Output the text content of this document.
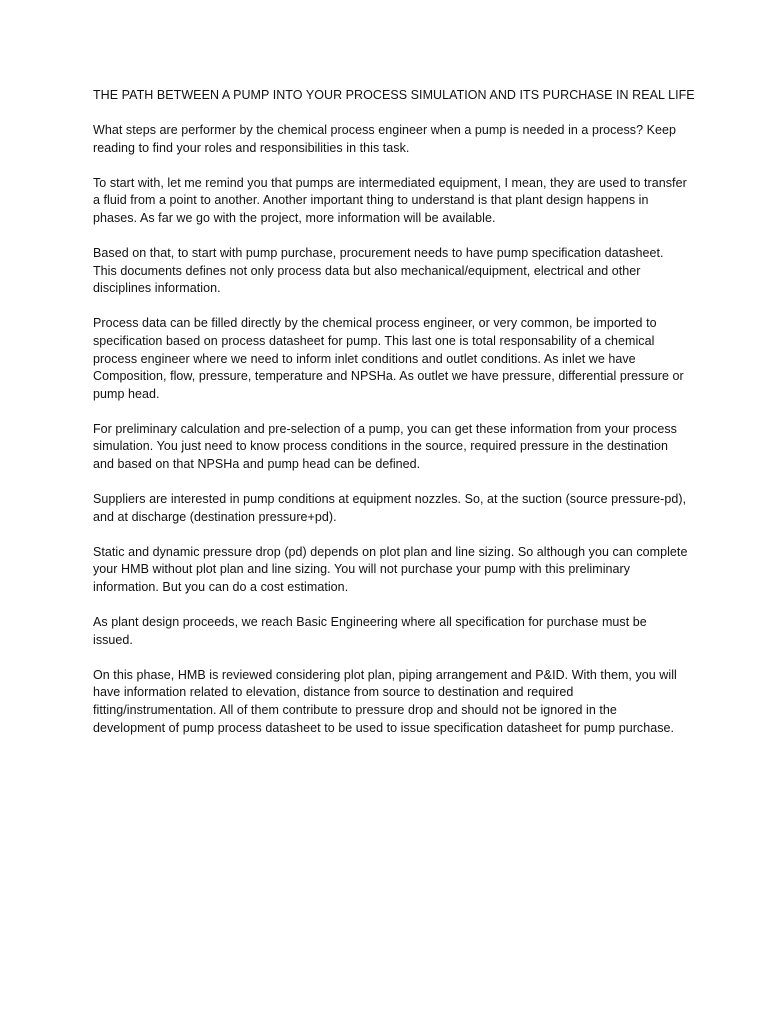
THE PATH BETWEEN A PUMP INTO YOUR PROCESS SIMULATION AND ITS PURCHASE IN REAL LIFE

What steps are performer by the chemical process engineer when a pump is needed in a process? Keep reading to find your roles and responsibilities in this task.

To start with, let me remind you that pumps are intermediated equipment, I mean, they are used to transfer a fluid from a point to another. Another important thing to understand is that plant design happens in phases. As far we go with the project, more information will be available.

Based on that, to start with pump purchase, procurement needs to have pump specification datasheet. This documents defines not only process data but also mechanical/equipment, electrical and other disciplines information.

Process data can be filled directly by the chemical process engineer, or very common, be imported to specification based on process datasheet for pump. This last one is total responsability of a chemical process engineer where we need to inform inlet conditions and outlet conditions. As inlet we have Composition, flow, pressure, temperature and NPSHa. As outlet we have pressure, differential pressure or pump head.

For preliminary calculation and pre-selection of a pump, you can get these information from your process simulation. You just need to know process conditions in the source, required pressure in the destination and based on that NPSHa and pump head can be defined.

Suppliers are interested in pump conditions at equipment nozzles. So, at the suction (source pressure-pd), and at discharge (destination pressure+pd).

Static and dynamic pressure drop (pd) depends on plot plan and line sizing. So although you can complete your HMB without plot plan and line sizing. You will not purchase your pump with this preliminary information. But you can do a cost estimation.

As plant design proceeds, we reach Basic Engineering where all specification for purchase must be issued.

On this phase, HMB is reviewed considering plot plan, piping arrangement and P&ID. With them, you will have information related to elevation, distance from source to destination and required fitting/instrumentation. All of them contribute to pressure drop and should not be ignored in the development of pump process datasheet to be used to issue specification datasheet for pump purchase.
